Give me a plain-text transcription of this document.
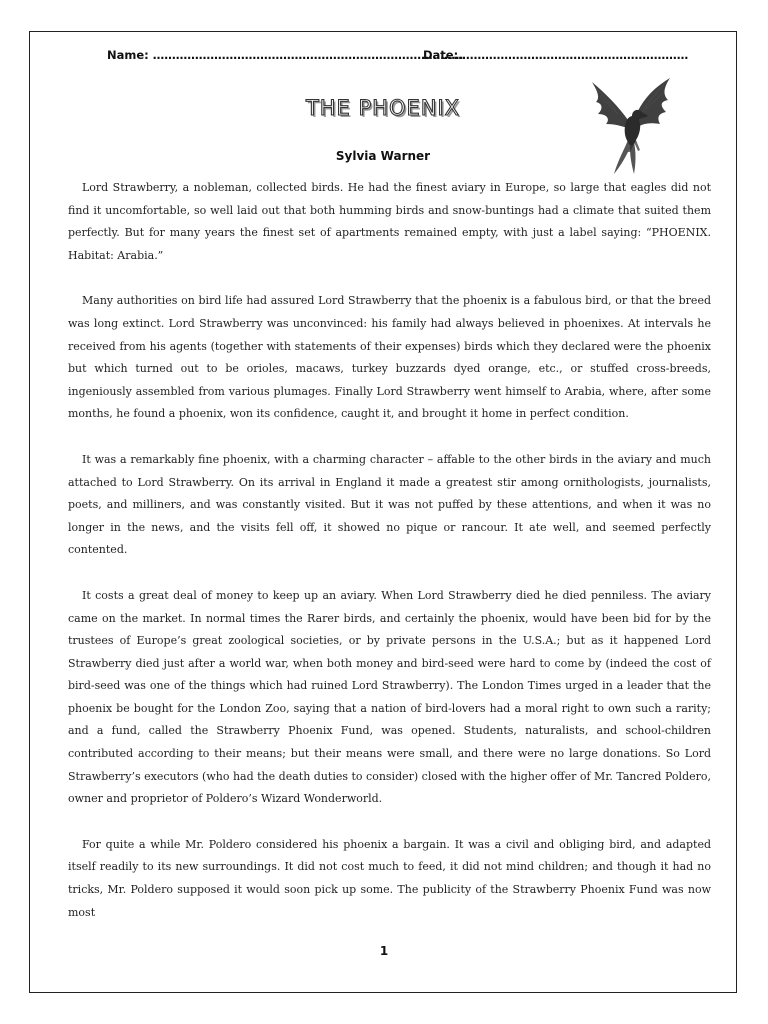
Name: ………………………………………………………………………
Date:……………………………………………………
THE PHOENIX
Sylvia Warner

Lord Strawberry, a nobleman, collected birds. He had the finest aviary in Europe, so large that eagles did not find it uncomfortable, so well laid out that both humming birds and snow-buntings had a climate that suited them perfectly. But for many years the finest set of apartments remained empty, with just a label saying: “PHOENIX. Habitat: Arabia.”

Many authorities on bird life had assured Lord Strawberry that the phoenix is a fabulous bird, or that the breed was long extinct. Lord Strawberry was unconvinced: his family had always believed in phoenixes. At intervals he received from his agents (together with statements of their expenses) birds which they declared were the phoenix but which turned out to be orioles, macaws, turkey buzzards dyed orange, etc., or stuffed cross-breeds, ingeniously assembled from various plumages. Finally Lord Strawberry went himself to Arabia, where, after some months, he found a phoenix, won its confidence, caught it, and brought it home in perfect condition.

It was a remarkably fine phoenix, with a charming character – affable to the other birds in the aviary and much attached to Lord Strawberry. On its arrival in England it made a greatest stir among ornithologists, journalists, poets, and milliners, and was constantly visited. But it was not puffed by these attentions, and when it was no longer in the news, and the visits fell off, it showed no pique or rancour. It ate well, and seemed perfectly contented.

It costs a great deal of money to keep up an aviary. When Lord Strawberry died he died penniless. The aviary came on the market. In normal times the Rarer birds, and certainly the phoenix, would have been bid for by the trustees of Europe’s great zoological societies, or by private persons in the U.S.A.; but as it happened Lord Strawberry died just after a world war, when both money and bird-seed were hard to come by (indeed the cost of bird-seed was one of the things which had ruined Lord Strawberry). The London Times urged in a leader that the phoenix be bought for the London Zoo, saying that a nation of bird-lovers had a moral right to own such a rarity; and a fund, called the Strawberry Phoenix Fund, was opened. Students, naturalists, and school-children contributed according to their means; but their means were small, and there were no large donations. So Lord Strawberry’s executors (who had the death duties to consider) closed with the higher offer of Mr. Tancred Poldero, owner and proprietor of Poldero’s Wizard Wonderworld.

For quite a while Mr. Poldero considered his phoenix a bargain. It was a civil and obliging bird, and adapted itself readily to its new surroundings. It did not cost much to feed, it did not mind children; and though it had no tricks, Mr. Poldero supposed it would soon pick up some. The publicity of the Strawberry Phoenix Fund was now most

1
